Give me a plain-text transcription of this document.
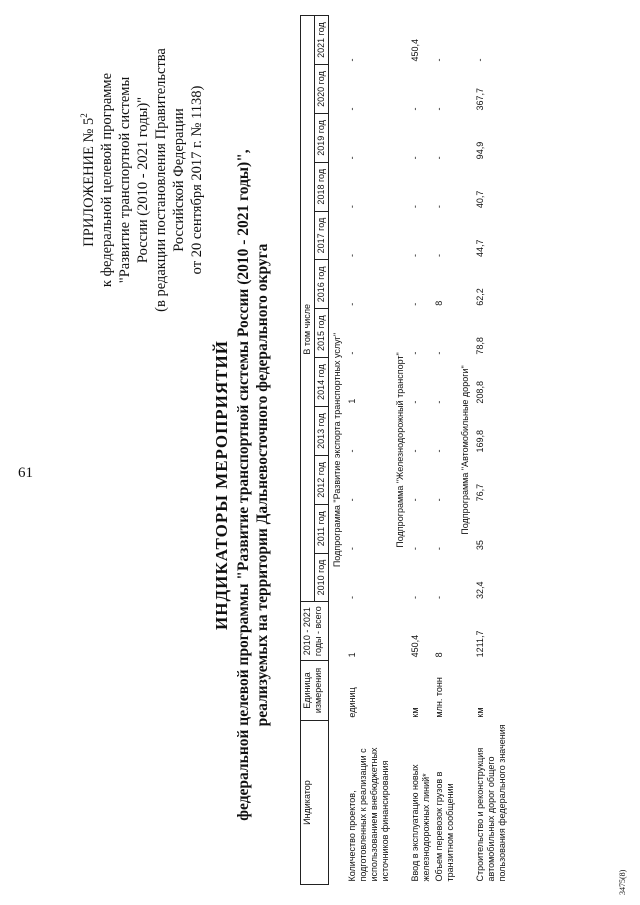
61
ПРИЛОЖЕНИЕ № $5^2$ к федеральной целевой программе "Развитие транспортной системы России (2010 - 2021 годы)" (в редакции постановления Правительства Российской Федерации от 20 сентября 2017 г. № 1138)
ИНДИКАТОРЫ МЕРОПРИЯТИЙ федеральной целевой программы "Развитие транспортной системы России (2010 - 2021 годы)", реализуемых на территории Дальневосточного федерального округа
Индикатор	Единица измерения	2010 - 2021 годы - всего						В том числе						
			2010 год	2011 год	2012 год	2013 год	2014 год	2015 год	2016 год	2017 год	2018 год	2019 год	2020 год	2021 год
Подпрограмма "Развитие экспорта транспортных услуг"														
Количество проектов, подготовленных к реализации с использованием внебюджетных источников финансирования	единиц	1	-	-	-	-	1	-	-	-	-	-	-	-
Подпрограмма "Железнодорожный транспорт"														
Ввод в эксплуатацию новых железнодорожных линий*	км	450,4	-	-	-	-	-	-	-	-	-	-	-	450,4
Объем перевозок грузов в транзитном сообщении	млн. тонн	8	-	-	-	-	-	-	8	-	-	-	-	-
Подпрограмма "Автомобильные дороги"														
Строительство и реконструкция автомобильных дорог общего пользования федерального значения	км	1211,7	32,4	35	76,7	169,8	208,8	78,8	62,2	44,7	40,7	94,9	367,7	-
3475(8)
